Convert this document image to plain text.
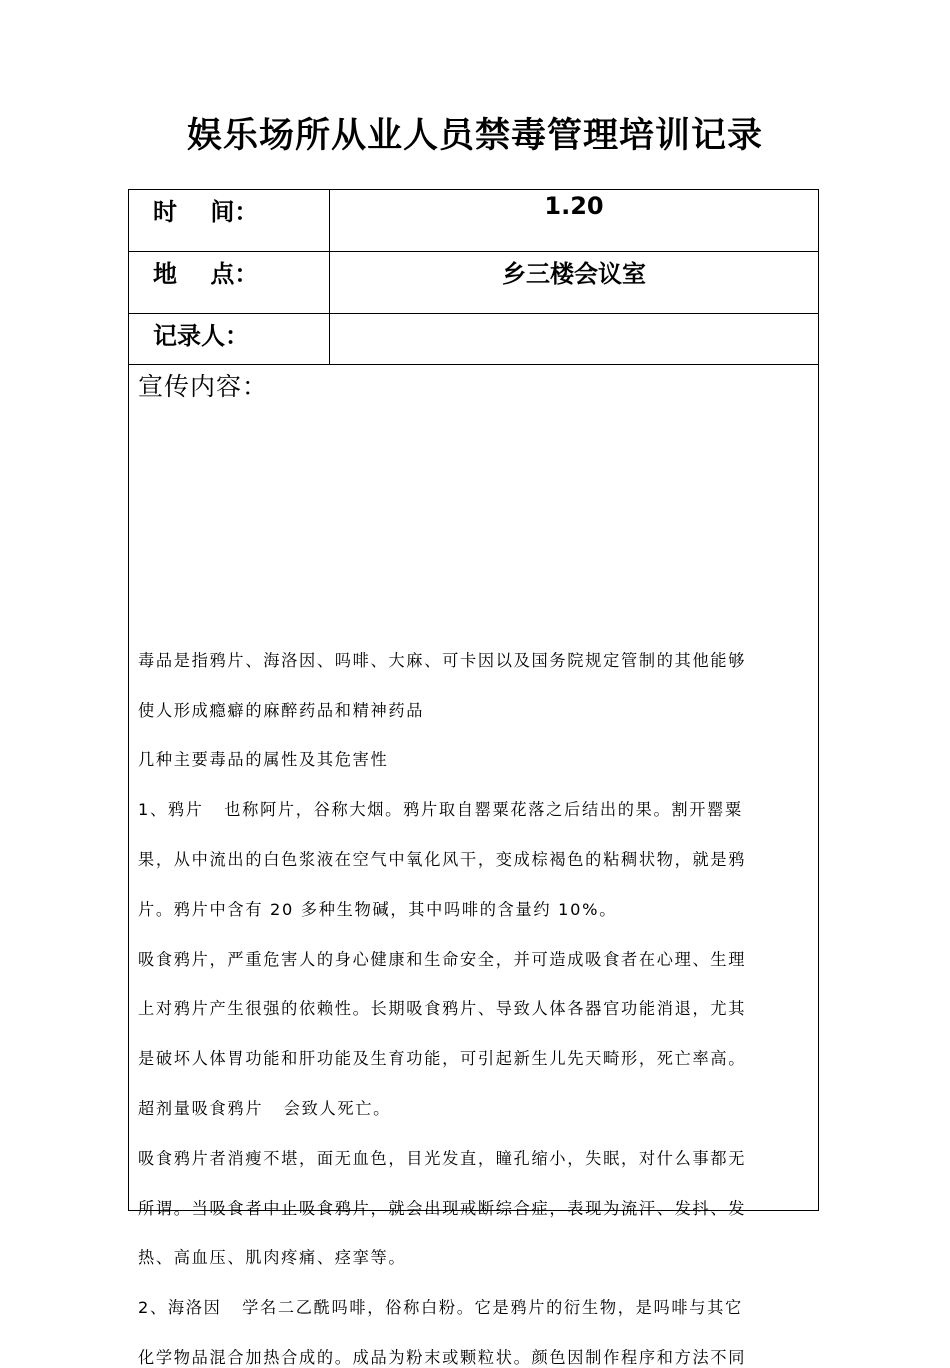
娱乐场所从业人员禁毒管理培训记录
时    间：	1.20
地    点：	乡三楼会议室
记录人：
宣传内容：
毒品是指鸦片、海洛因、吗啡、大麻、可卡因以及国务院规定管制的其他能够
使人形成瘾癖的麻醉药品和精神药品
几种主要毒品的属性及其危害性
1、鸦片   也称阿片，谷称大烟。鸦片取自罂粟花落之后结出的果。割开罂粟
果，从中流出的白色浆液在空气中氧化风干，变成棕褐色的粘稠状物，就是鸦
片。鸦片中含有 20 多种生物碱，其中吗啡的含量约 10%。
吸食鸦片，严重危害人的身心健康和生命安全，并可造成吸食者在心理、生理
上对鸦片产生很强的依赖性。长期吸食鸦片、导致人体各器官功能消退，尤其
是破坏人体胃功能和肝功能及生育功能，可引起新生儿先天畸形，死亡率高。
超剂量吸食鸦片   会致人死亡。
吸食鸦片者消瘦不堪，面无血色，目光发直，瞳孔缩小，失眠，对什么事都无
所谓。当吸食者中止吸食鸦片，就会出现戒断综合症，表现为流汗、发抖、发
热、高血压、肌肉疼痛、痉挛等。
2、海洛因   学名二乙酰吗啡，俗称白粉。它是鸦片的衍生物，是吗啡与其它
化学物品混合加热合成的。成品为粉末或颗粒状。颜色因制作程序和方法不同
